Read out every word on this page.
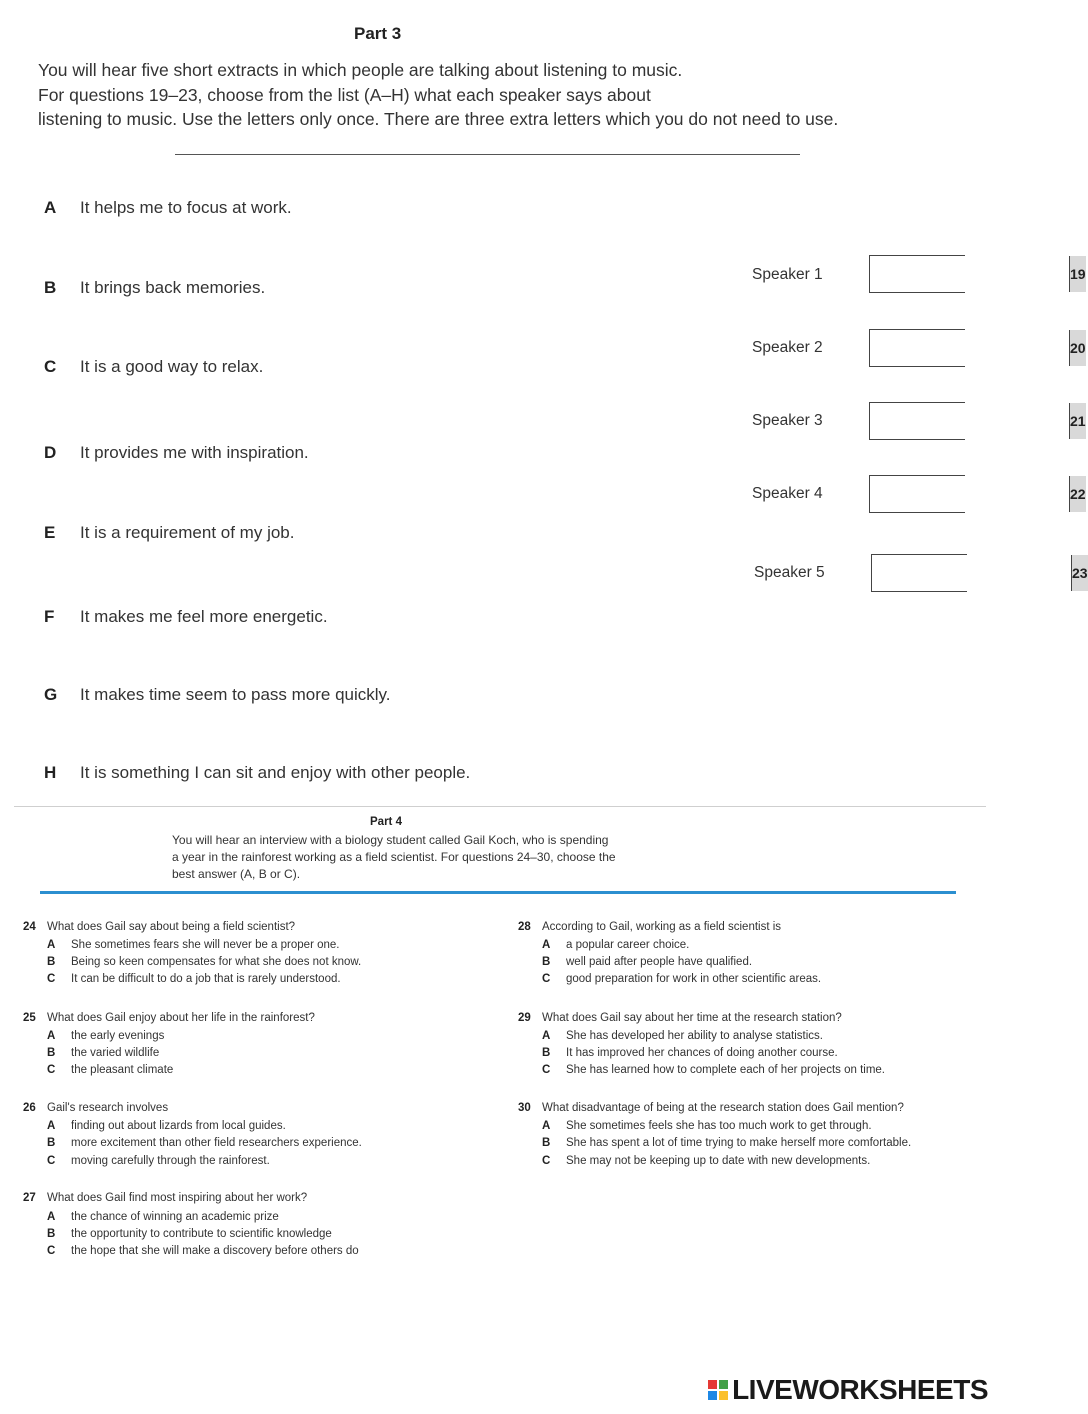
Part 3
You will hear five short extracts in which people are talking about listening to music.
For questions 19–23, choose from the list (A–H) what each speaker says about
listening to music. Use the letters only once. There are three extra letters which you do not need to use.
A It helps me to focus at work.
B It brings back memories.
C It is a good way to relax.
D It provides me with inspiration.
E It is a requirement of my job.
F It makes me feel more energetic.
G It makes time seem to pass more quickly.
H It is something I can sit and enjoy with other people.
Speaker 1	19
Speaker 2	20
Speaker 3	21
Speaker 4	22
Speaker 5	23
Part 4
You will hear an interview with a biology student called Gail Koch, who is spending
a year in the rainforest working as a field scientist. For questions 24–30, choose the
best answer (A, B or C).
24 What does Gail say about being a field scientist?
A She sometimes fears she will never be a proper one.
B Being so keen compensates for what she does not know.
C It can be difficult to do a job that is rarely understood.
25 What does Gail enjoy about her life in the rainforest?
A the early evenings
B the varied wildlife
C the pleasant climate
26 Gail's research involves
A finding out about lizards from local guides.
B more excitement than other field researchers experience.
C moving carefully through the rainforest.
27 What does Gail find most inspiring about her work?
A the chance of winning an academic prize
B the opportunity to contribute to scientific knowledge
C the hope that she will make a discovery before others do
28 According to Gail, working as a field scientist is
A a popular career choice.
B well paid after people have qualified.
C good preparation for work in other scientific areas.
29 What does Gail say about her time at the research station?
A She has developed her ability to analyse statistics.
B It has improved her chances of doing another course.
C She has learned how to complete each of her projects on time.
30 What disadvantage of being at the research station does Gail mention?
A She sometimes feels she has too much work to get through.
B She has spent a lot of time trying to make herself more comfortable.
C She may not be keeping up to date with new developments.
LIVEWORKSHEETS
